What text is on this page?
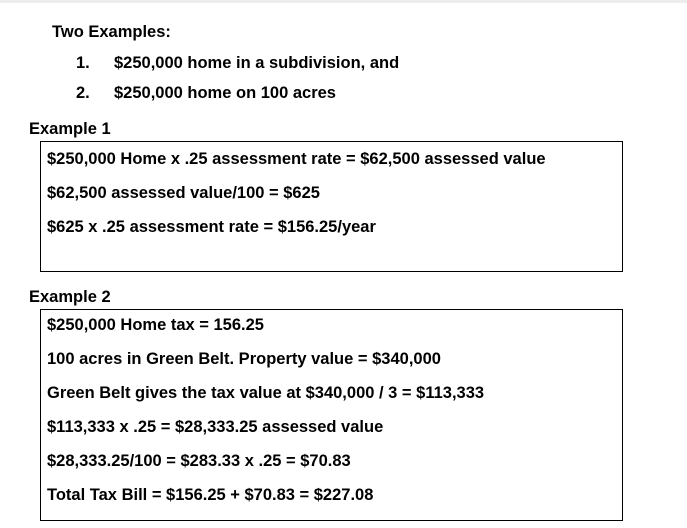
Two Examples:
1. $250,000 home in a subdivision, and
2. $250,000 home on 100 acres
Example 1
$250,000 Home x .25 assessment rate = $62,500 assessed value
$62,500 assessed value/100 = $625
$625 x .25 assessment rate = $156.25/year
Example 2
$250,000 Home tax = 156.25
100 acres in Green Belt. Property value = $340,000
Green Belt gives the tax value at $340,000 / 3 = $113,333
$113,333 x .25 = $28,333.25 assessed value
$28,333.25/100 = $283.33 x .25 = $70.83
Total Tax Bill = $156.25 + $70.83 = $227.08
